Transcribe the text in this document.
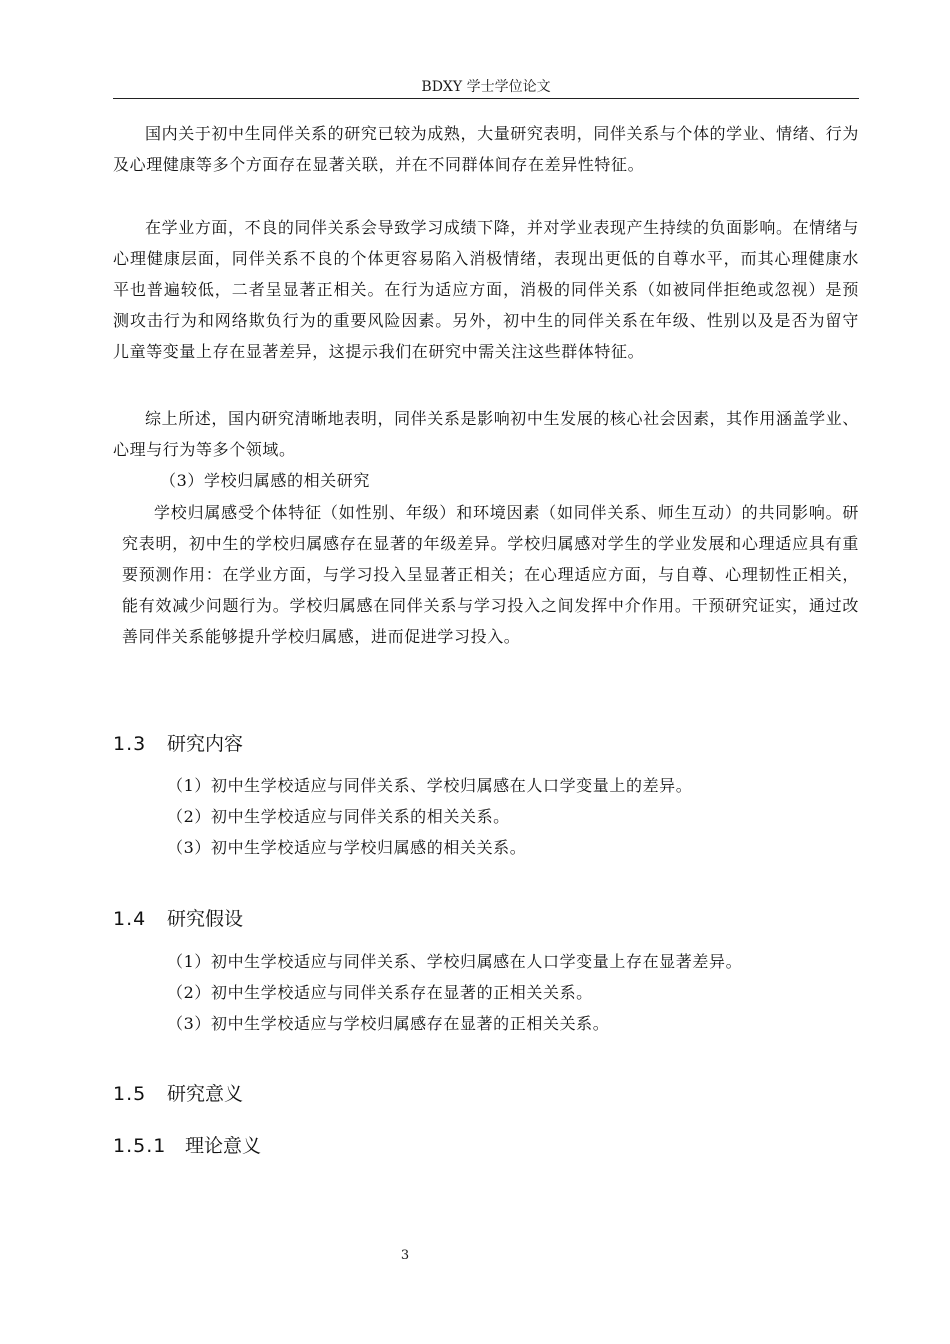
BDXY 学士学位论文

国内关于初中生同伴关系的研究已较为成熟，大量研究表明，同伴关系与个体的学业、情绪、行为及心理健康等多个方面存在显著关联，并在不同群体间存在差异性特征。

在学业方面，不良的同伴关系会导致学习成绩下降，并对学业表现产生持续的负面影响。在情绪与心理健康层面，同伴关系不良的个体更容易陷入消极情绪，表现出更低的自尊水平，而其心理健康水平也普遍较低，二者呈显著正相关。在行为适应方面，消极的同伴关系（如被同伴拒绝或忽视）是预测攻击行为和网络欺负行为的重要风险因素。另外，初中生的同伴关系在年级、性别以及是否为留守儿童等变量上存在显著差异，这提示我们在研究中需关注这些群体特征。

综上所述，国内研究清晰地表明，同伴关系是影响初中生发展的核心社会因素，其作用涵盖学业、心理与行为等多个领域。

（3）学校归属感的相关研究

学校归属感受个体特征（如性别、年级）和环境因素（如同伴关系、师生互动）的共同影响。研究表明，初中生的学校归属感存在显著的年级差异。学校归属感对学生的学业发展和心理适应具有重要预测作用：在学业方面，与学习投入呈显著正相关；在心理适应方面，与自尊、心理韧性正相关，能有效减少问题行为。学校归属感在同伴关系与学习投入之间发挥中介作用。干预研究证实，通过改善同伴关系能够提升学校归属感，进而促进学习投入。

1.3 研究内容
（1）初中生学校适应与同伴关系、学校归属感在人口学变量上的差异。
（2）初中生学校适应与同伴关系的相关关系。
（3）初中生学校适应与学校归属感的相关关系。
1.4 研究假设
（1）初中生学校适应与同伴关系、学校归属感在人口学变量上存在显著差异。
（2）初中生学校适应与同伴关系存在显著的正相关关系。
（3）初中生学校适应与学校归属感存在显著的正相关关系。
1.5 研究意义
1.5.1 理论意义
3
